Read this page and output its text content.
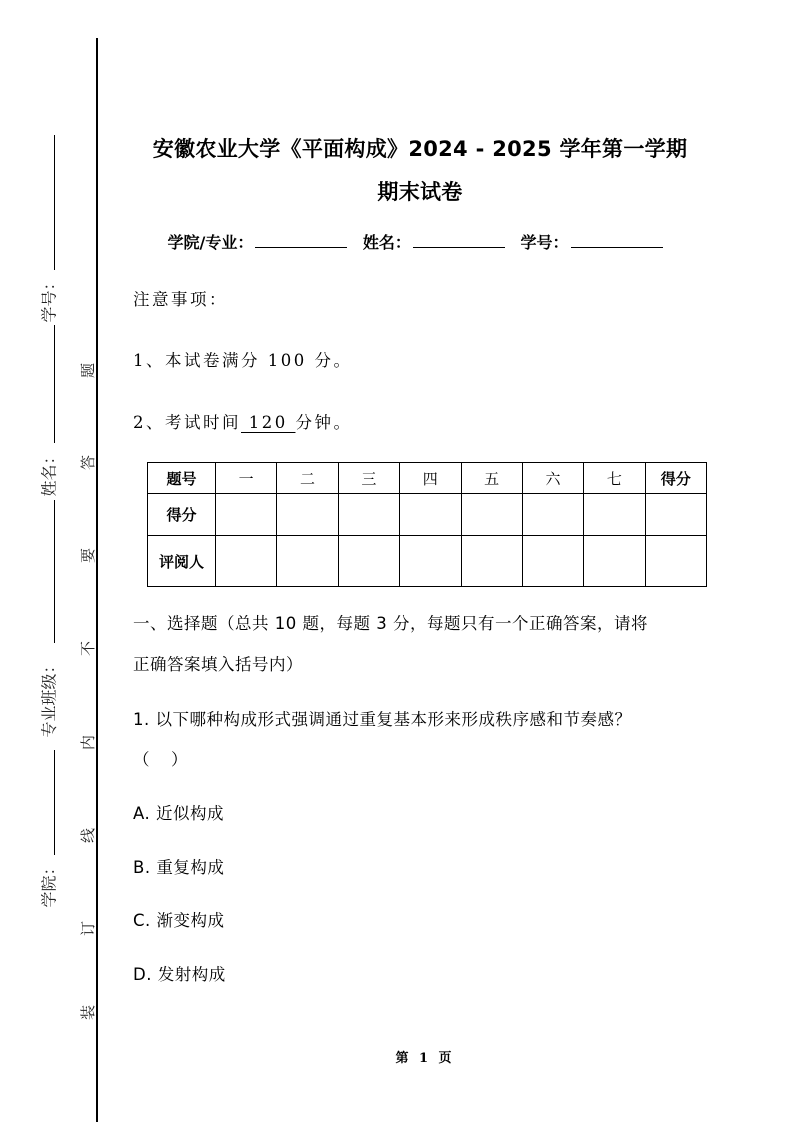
学号：
姓名：
专业班级：
学院：
题
答
要
不
内
线
订
装
安徽农业大学《平面构成》2024 - 2025 学年第一学期
期末试卷
学院/专业：	姓名：	学号：
注意事项：
1、本试卷满分 100 分。
2、考试时间 120 分钟。
题号	一	二	三	四	五	六	七	得分
得分								
评阅人								
一、选择题（总共 10 题，每题 3 分，每题只有一个正确答案，请将
正确答案填入括号内）
1. 以下哪种构成形式强调通过重复基本形来形成秩序感和节奏感？
（　）
A. 近似构成
B. 重复构成
C. 渐变构成
D. 发射构成
第 1 页
